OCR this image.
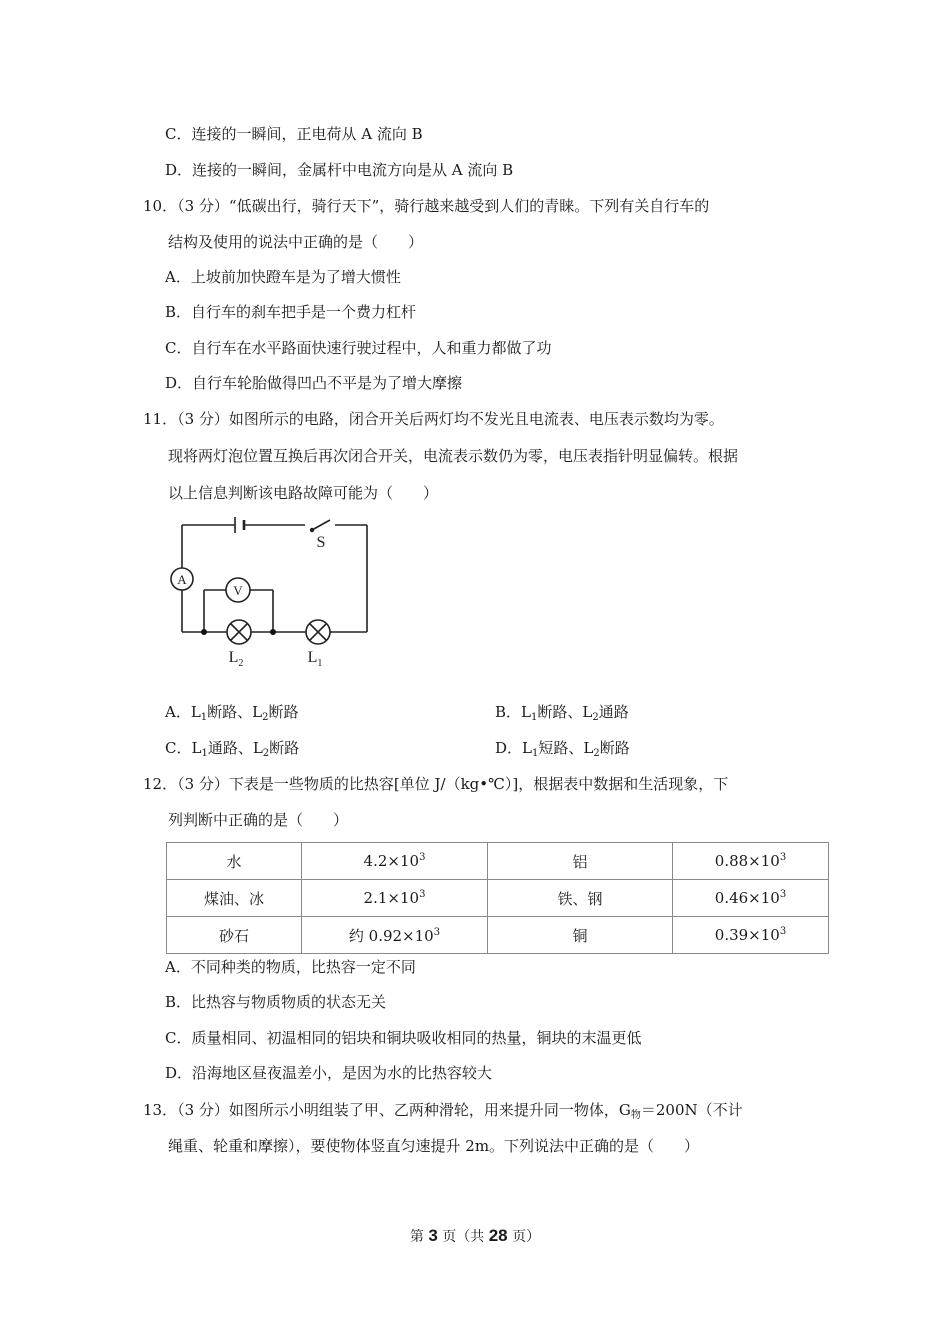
C．连接的一瞬间，正电荷从 A 流向 B
D．连接的一瞬间，金属杆中电流方向是从 A 流向 B
10．（3 分）“低碳出行，骑行天下”，骑行越来越受到人们的青睐。下列有关自行车的
结构及使用的说法中正确的是（　　）
A．上坡前加快蹬车是为了增大惯性
B．自行车的刹车把手是一个费力杠杆
C．自行车在水平路面快速行驶过程中，人和重力都做了功
D．自行车轮胎做得凹凸不平是为了增大摩擦
11．（3 分）如图所示的电路，闭合开关后两灯均不发光且电流表、电压表示数均为零。
现将两灯泡位置互换后再次闭合开关，电流表示数仍为零，电压表指针明显偏转。根据
以上信息判断该电路故障可能为（　　）
S
A
V
$L_2$	$L_1$
A．$L_1$断路、$L_2$断路	B．$L_1$断路、$L_2$通路
C．$L_1$通路、$L_2$断路	D．$L_1$短路、$L_2$断路
12．（3 分）下表是一些物质的比热容[单位 J/（kg•℃）]，根据表中数据和生活现象，下
列判断中正确的是（　　）
水	$4.2\times 10^3$	铝	$0.88\times 10^3$
煤油、冰	$2.1\times 10^3$	铁、钢	$0.46\times 10^3$
砂石	约 $0.92\times 10^3$	铜	$0.39\times 10^3$
A．不同种类的物质，比热容一定不同
B．比热容与物质物质的状态无关
C．质量相同、初温相同的铝块和铜块吸收相同的热量，铜块的末温更低
D．沿海地区昼夜温差小，是因为水的比热容较大
13．（3 分）如图所示小明组装了甲、乙两种滑轮，用来提升同一物体，$G_物=200N$（不计
绳重、轮重和摩擦），要使物体竖直匀速提升 2m。下列说法中正确的是（　　）
第 3 页（共 28 页）
